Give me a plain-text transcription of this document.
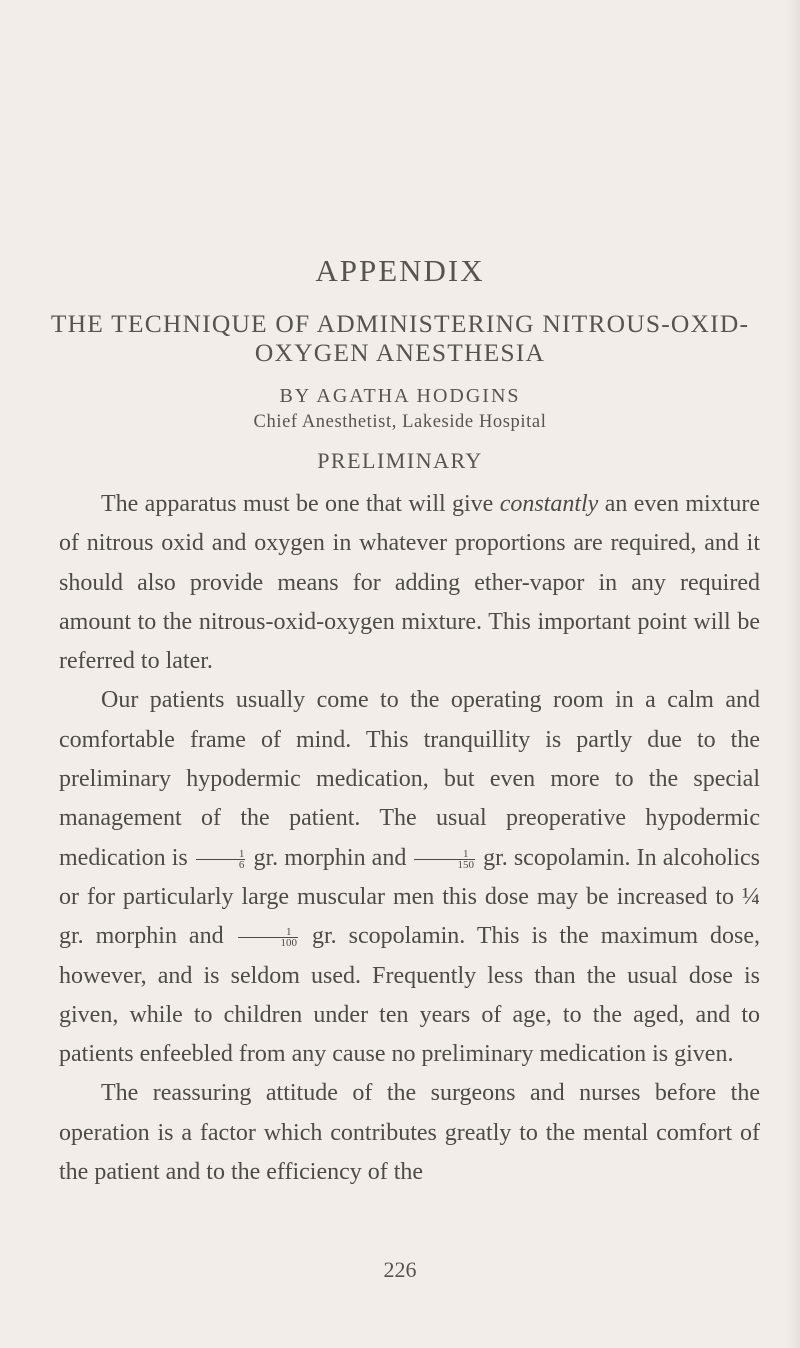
APPENDIX
THE TECHNIQUE OF ADMINISTERING NITROUS-OXID-
OXYGEN ANESTHESIA
BY AGATHA HODGINS
Chief Anesthetist, Lakeside Hospital
PRELIMINARY

The apparatus must be one that will give constantly an even mixture of nitrous oxid and oxygen in whatever proportions are required, and it should also provide means for adding ether-vapor in any required amount to the nitrous-oxid-oxygen mixture. This important point will be referred to later.

Our patients usually come to the operating room in a calm and comfortable frame of mind. This tranquillity is partly due to the preliminary hypodermic medication, but even more to the special management of the patient. The usual preoperative hypodermic medication is $\frac{1}{6}$ gr. morphin and $\frac{1}{150}$ gr. scopolamin. In alcoholics or for particularly large muscular men this dose may be increased to ¼ gr. morphin and $\frac{1}{100}$ gr. scopolamin. This is the maximum dose, however, and is seldom used. Frequently less than the usual dose is given, while to children under ten years of age, to the aged, and to patients enfeebled from any cause no preliminary medication is given.

The reassuring attitude of the surgeons and nurses before the operation is a factor which contributes greatly to the mental comfort of the patient and to the efficiency of the

226
